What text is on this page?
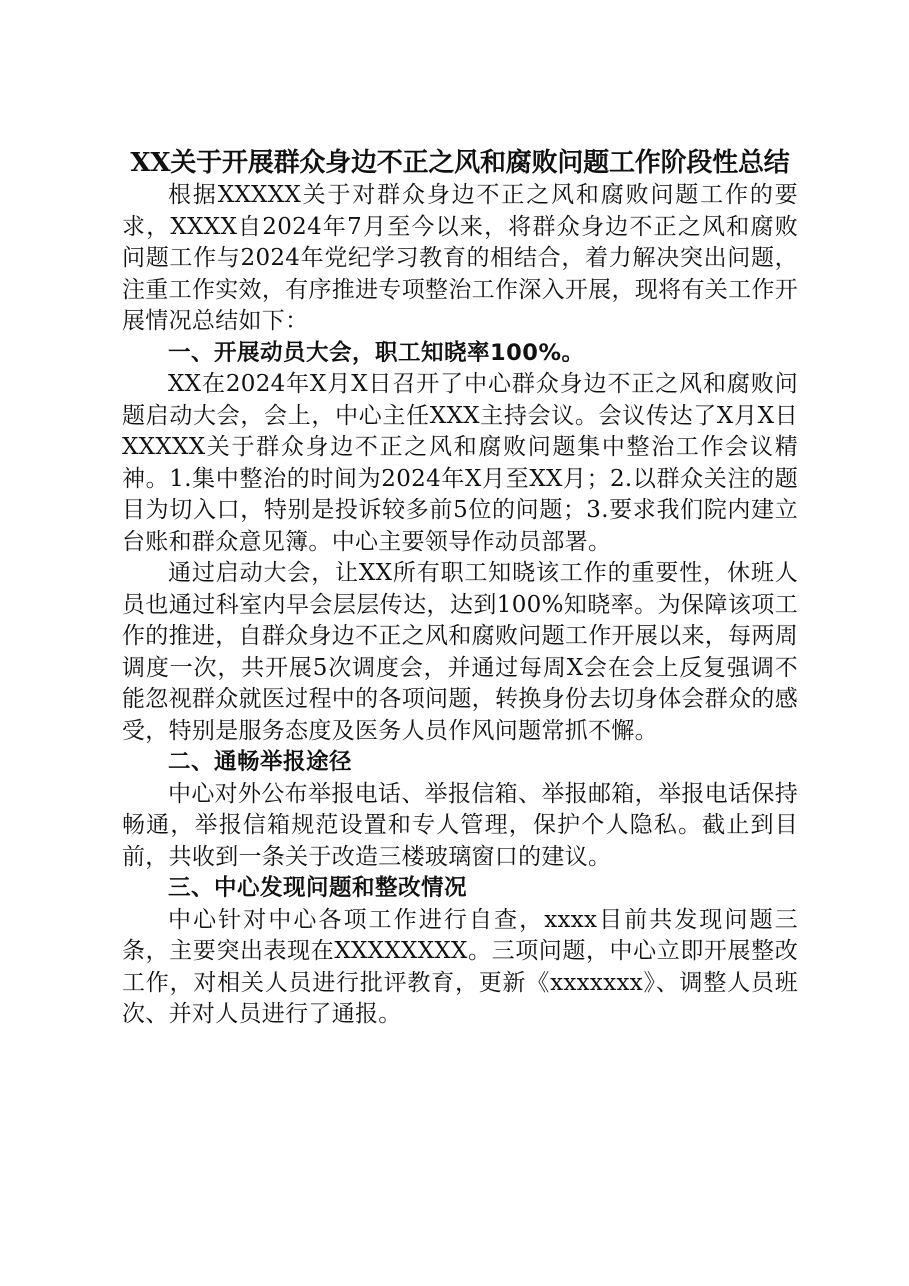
XX关于开展群众身边不正之风和腐败问题工作阶段性总结

根据XXXXX关于对群众身边不正之风和腐败问题工作的要求，XXXX自2024年7月至今以来，将群众身边不正之风和腐败问题工作与2024年党纪学习教育的相结合，着力解决突出问题，注重工作实效，有序推进专项整治工作深入开展，现将有关工作开展情况总结如下：

一、开展动员大会，职工知晓率100%。

XX在2024年X月X日召开了中心群众身边不正之风和腐败问题启动大会，会上，中心主任XXX主持会议。会议传达了X月X日XXXXX关于群众身边不正之风和腐败问题集中整治工作会议精神。1.集中整治的时间为2024年X月至XX月；2.以群众关注的题目为切入口，特别是投诉较多前5位的问题；3.要求我们院内建立台账和群众意见簿。中心主要领导作动员部署。

通过启动大会，让XX所有职工知晓该工作的重要性，休班人员也通过科室内早会层层传达，达到100%知晓率。为保障该项工作的推进，自群众身边不正之风和腐败问题工作开展以来，每两周调度一次，共开展5次调度会，并通过每周X会在会上反复强调不能忽视群众就医过程中的各项问题，转换身份去切身体会群众的感受，特别是服务态度及医务人员作风问题常抓不懈。

二、通畅举报途径

中心对外公布举报电话、举报信箱、举报邮箱，举报电话保持畅通，举报信箱规范设置和专人管理，保护个人隐私。截止到目前，共收到一条关于改造三楼玻璃窗口的建议。

三、中心发现问题和整改情况

中心针对中心各项工作进行自查，xxxx目前共发现问题三条，主要突出表现在XXXXXXXX。三项问题，中心立即开展整改工作，对相关人员进行批评教育，更新《xxxxxxx》、调整人员班次、并对人员进行了通报。
